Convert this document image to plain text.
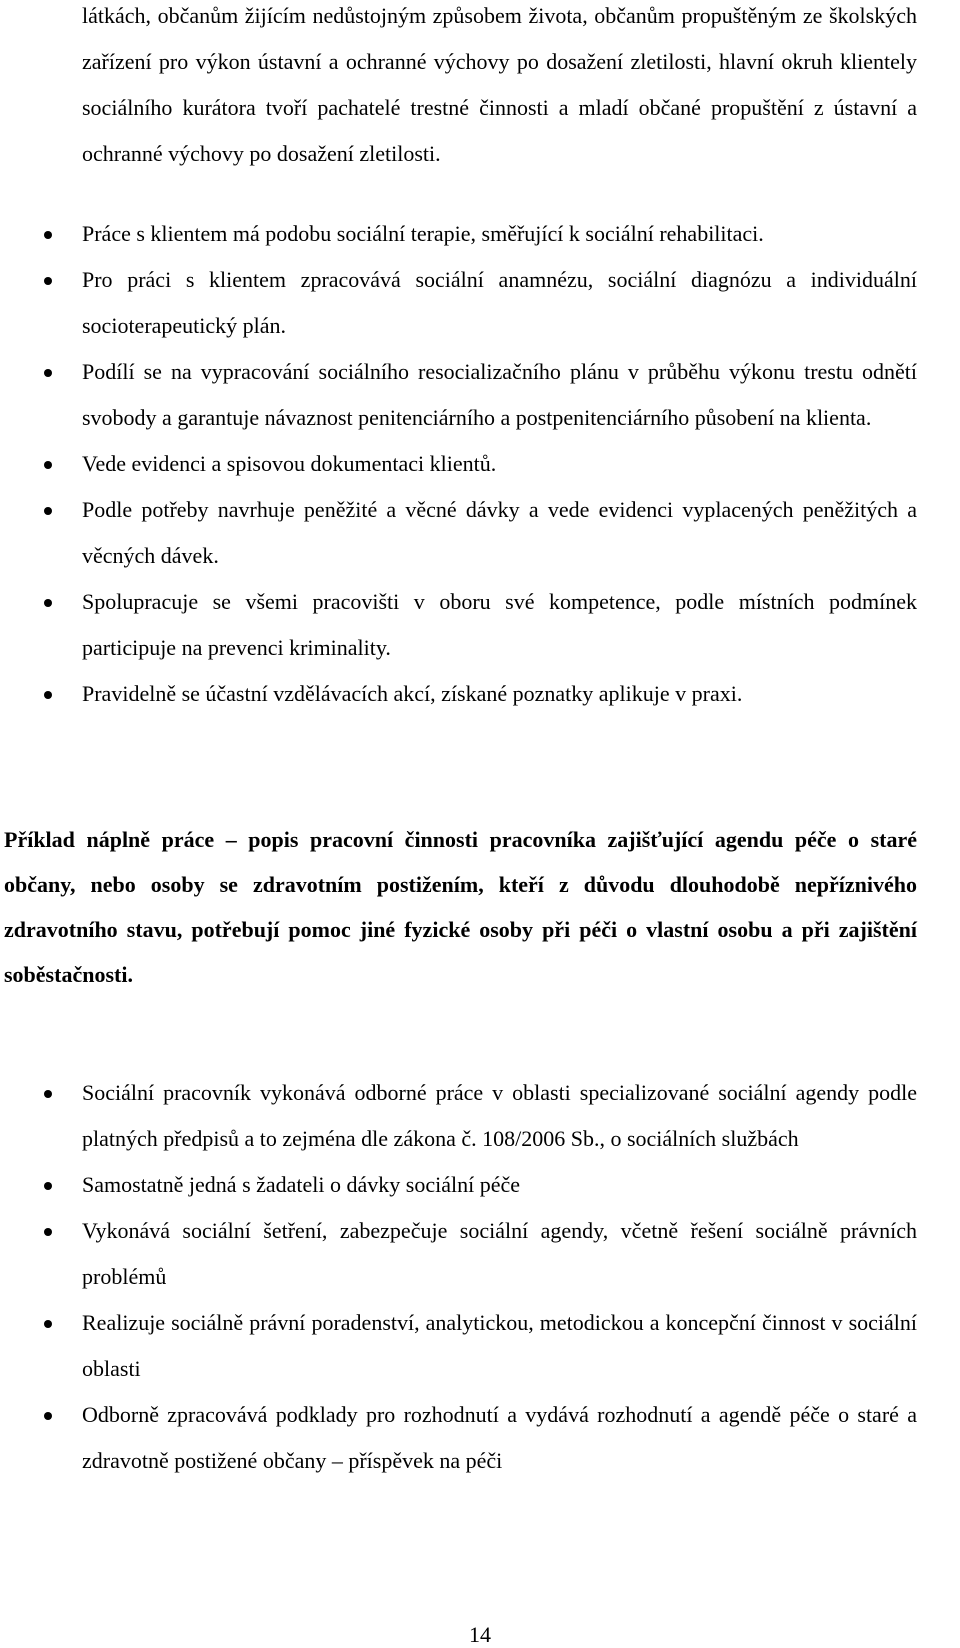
látkách, občanům žijícím nedůstojným způsobem života, občanům propuštěným ze školských zařízení pro výkon ústavní a ochranné výchovy po dosažení zletilosti, hlavní okruh klientely sociálního kurátora tvoří pachatelé trestné činnosti a mladí občané propuštění z ústavní a ochranné výchovy po dosažení zletilosti.

Práce s klientem má podobu sociální terapie, směřující k sociální rehabilitaci.
Pro práci s klientem zpracovává sociální anamnézu, sociální diagnózu a individuální socioterapeutický plán.
Podílí se na vypracování sociálního resocializačního plánu v průběhu výkonu trestu odnětí svobody a garantuje návaznost penitenciárního a postpenitenciárního působení na klienta.
Vede evidenci a spisovou dokumentaci klientů.
Podle potřeby navrhuje peněžité a věcné dávky a vede evidenci vyplacených peněžitých a věcných dávek.
Spolupracuje se všemi pracovišti v oboru své kompetence, podle místních podmínek participuje na prevenci kriminality.
Pravidelně se účastní vzdělávacích akcí, získané poznatky aplikuje v praxi.

Příklad náplně práce – popis pracovní činnosti pracovníka zajišťující agendu péče o staré občany, nebo osoby se zdravotním postižením, kteří z důvodu dlouhodobě nepříznivého zdravotního stavu, potřebují pomoc jiné fyzické osoby při péči o vlastní osobu a při zajištění soběstačnosti.

Sociální pracovník vykonává odborné práce v oblasti specializované sociální agendy podle platných předpisů a to zejména dle zákona č. 108/2006 Sb., o sociálních službách
Samostatně jedná s žadateli o dávky sociální péče
Vykonává sociální šetření, zabezpečuje sociální agendy, včetně řešení sociálně právních problémů
Realizuje sociálně právní poradenství, analytickou, metodickou a koncepční činnost v sociální oblasti
Odborně zpracovává podklady pro rozhodnutí a vydává rozhodnutí a agendě péče o staré a zdravotně postižené občany – příspěvek na péči
14
